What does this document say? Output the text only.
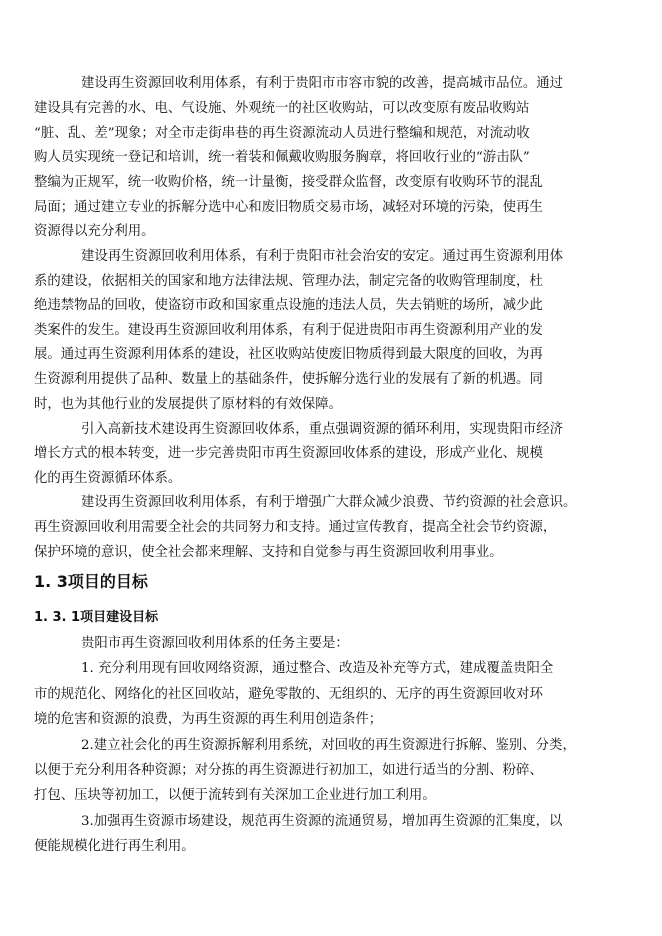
建设再生资源回收利用体系，有利于贵阳市市容市貌的改善，提高城市品位。通过
建设具有完善的水、电、气设施、外观统一的社区收购站，可以改变原有废品收购站
“脏、乱、差”现象；对全市走街串巷的再生资源流动人员进行整编和规范，对流动收
购人员实现统一登记和培训，统一着装和佩戴收购服务胸章，将回收行业的“游击队”
整编为正规军，统一收购价格，统一计量衡，接受群众监督，改变原有收购环节的混乱
局面；通过建立专业的拆解分选中心和废旧物质交易市场，减轻对环境的污染，使再生
资源得以充分利用。
建设再生资源回收利用体系，有利于贵阳市社会治安的安定。通过再生资源利用体
系的建设，依据相关的国家和地方法律法规、管理办法，制定完备的收购管理制度，杜
绝违禁物品的回收，使盗窃市政和国家重点设施的违法人员，失去销赃的场所，减少此
类案件的发生。建设再生资源回收利用体系，有利于促进贵阳市再生资源利用产业的发
展。通过再生资源利用体系的建设，社区收购站使废旧物质得到最大限度的回收，为再
生资源利用提供了品种、数量上的基础条件，使拆解分选行业的发展有了新的机遇。同
时，也为其他行业的发展提供了原材料的有效保障。
引入高新技术建设再生资源回收体系，重点强调资源的循环利用，实现贵阳市经济
增长方式的根本转变，进一步完善贵阳市再生资源回收体系的建设，形成产业化、规模
化的再生资源循环体系。
建设再生资源回收利用体系，有利于增强广大群众减少浪费、节约资源的社会意识。
再生资源回收利用需要全社会的共同努力和支持。通过宣传教育，提高全社会节约资源，
保护环境的意识，使全社会都来理解、支持和自觉参与再生资源回收利用事业。
1. 3项目的目标
1. 3. 1项目建设目标
贵阳市再生资源回收利用体系的任务主要是：
1. 充分利用现有回收网络资源，通过整合、改造及补充等方式，建成覆盖贵阳全
市的规范化、网络化的社区回收站，避免零散的、无组织的、无序的再生资源回收对环
境的危害和资源的浪费，为再生资源的再生利用创造条件；
2.建立社会化的再生资源拆解利用系统，对回收的再生资源进行拆解、鉴别、分类，
以便于充分利用各种资源；对分拣的再生资源进行初加工，如进行适当的分割、粉碎、
打包、压块等初加工，以便于流转到有关深加工企业进行加工利用。
3.加强再生资源市场建设，规范再生资源的流通贸易，增加再生资源的汇集度，以
便能规模化进行再生利用。
